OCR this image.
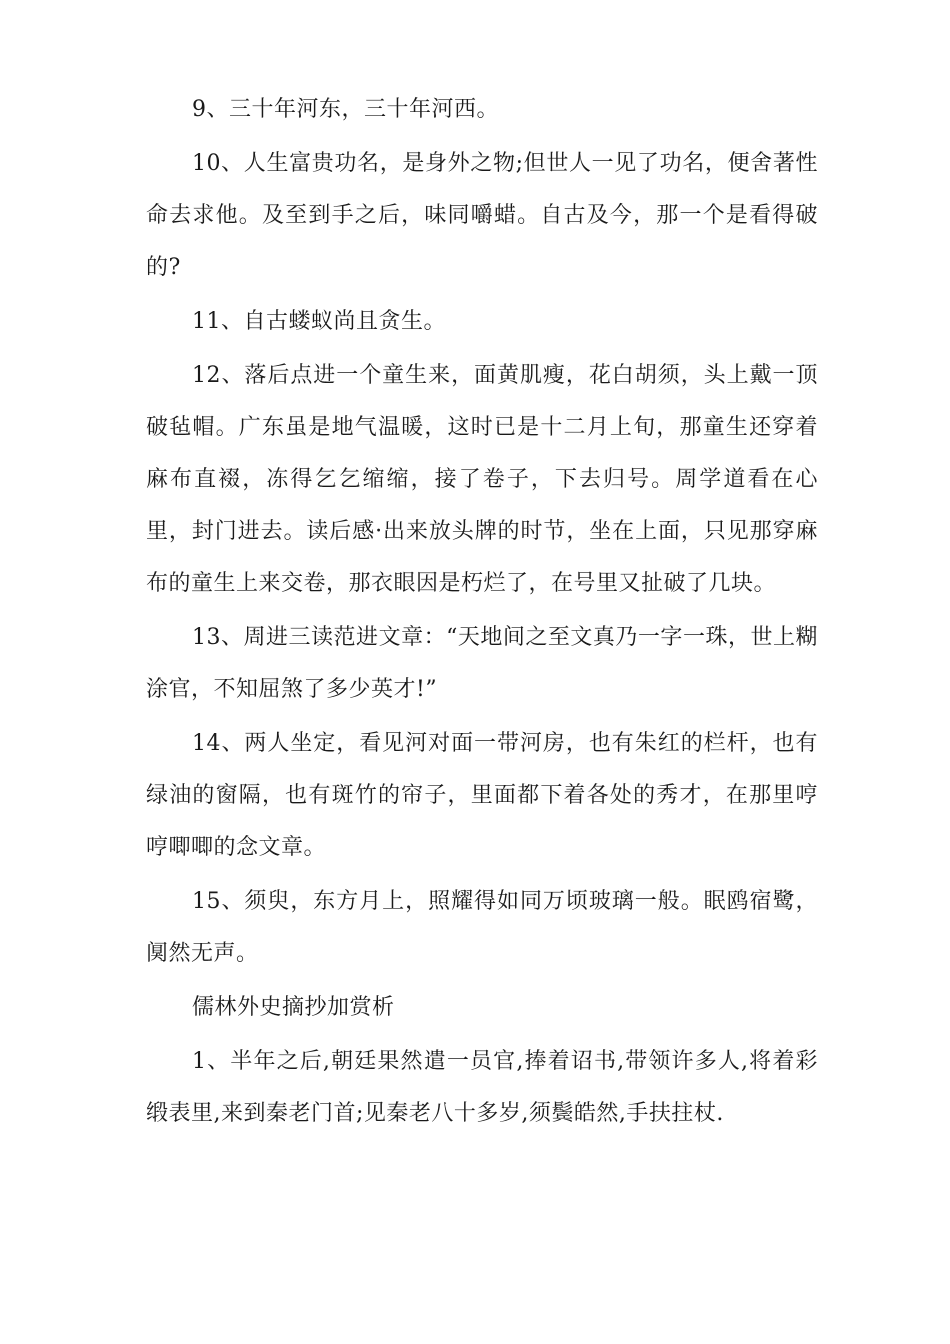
9、三十年河东，三十年河西。

10、人生富贵功名，是身外之物;但世人一见了功名，便舍著性命去求他。及至到手之后，味同嚼蜡。自古及今，那一个是看得破的?

11、自古蝼蚁尚且贪生。

12、落后点进一个童生来，面黄肌瘦，花白胡须，头上戴一顶破毡帽。广东虽是地气温暖，这时已是十二月上旬，那童生还穿着麻布直裰，冻得乞乞缩缩，接了卷子，下去归号。周学道看在心里，封门进去。读后感·出来放头牌的时节，坐在上面，只见那穿麻布的童生上来交卷，那衣眼因是朽烂了，在号里又扯破了几块。

13、周进三读范进文章：“天地间之至文真乃一字一珠，世上糊涂官，不知屈煞了多少英才!”

14、两人坐定，看见河对面一带河房，也有朱红的栏杆，也有绿油的窗隔，也有斑竹的帘子，里面都下着各处的秀才，在那里哼哼唧唧的念文章。

15、须臾，东方月上，照耀得如同万顷玻璃一般。眠鸥宿鹭，阒然无声。

儒林外史摘抄加赏析

1、半年之后,朝廷果然遣一员官,捧着诏书,带领许多人,将着彩缎表里,来到秦老门首;见秦老八十多岁,须鬓皓然,手扶拄杖.
